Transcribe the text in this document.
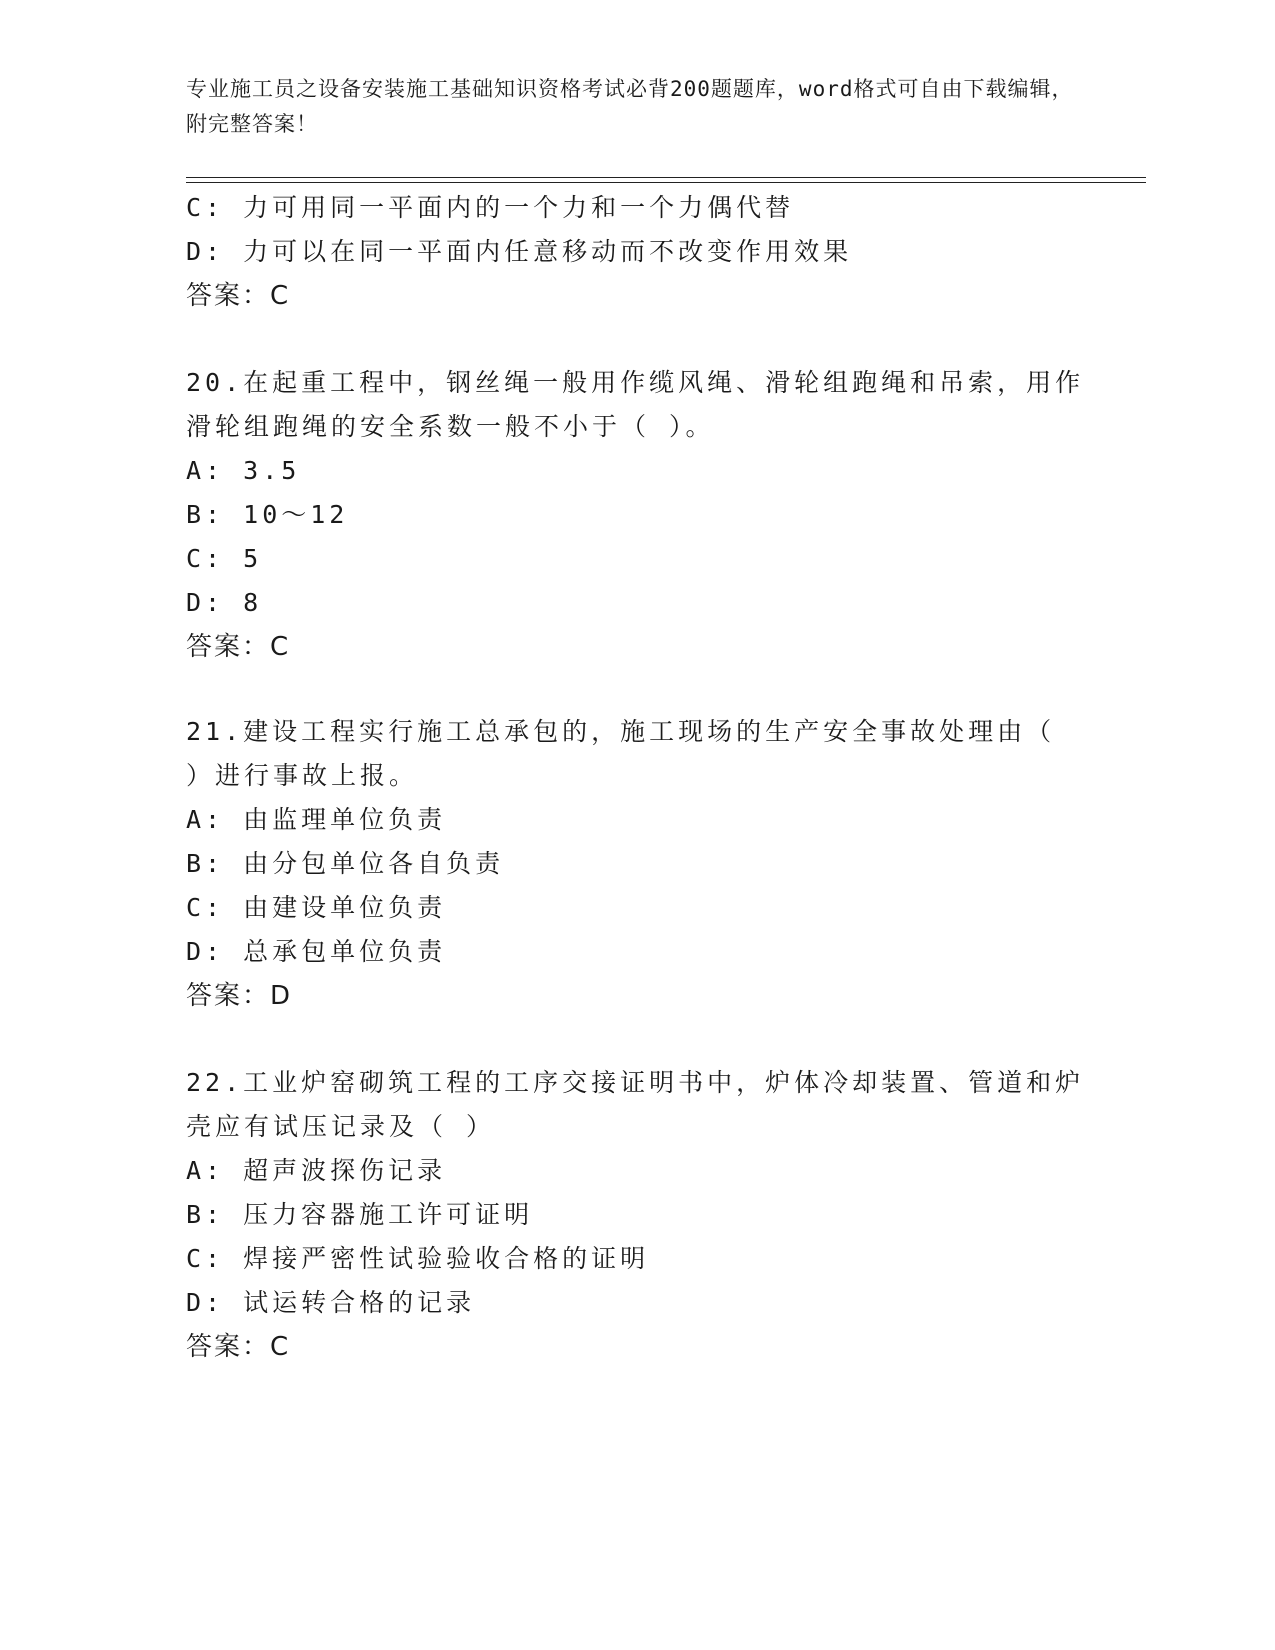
专业施工员之设备安装施工基础知识资格考试必背200题题库，word格式可自由下载编辑，附完整答案！
C: 力可用同一平面内的一个力和一个力偶代替
D: 力可以在同一平面内任意移动而不改变作用效果
答案：C
20.在起重工程中，钢丝绳一般用作缆风绳、滑轮组跑绳和吊索，用作
滑轮组跑绳的安全系数一般不小于（ ）。
A: 3.5
B: 10～12
C: 5
D: 8
答案：C
21.建设工程实行施工总承包的，施工现场的生产安全事故处理由（
）进行事故上报。
A: 由监理单位负责
B: 由分包单位各自负责
C: 由建设单位负责
D: 总承包单位负责
答案：D
22.工业炉窑砌筑工程的工序交接证明书中，炉体冷却装置、管道和炉
壳应有试压记录及（ ）
A: 超声波探伤记录
B: 压力容器施工许可证明
C: 焊接严密性试验验收合格的证明
D: 试运转合格的记录
答案：C
